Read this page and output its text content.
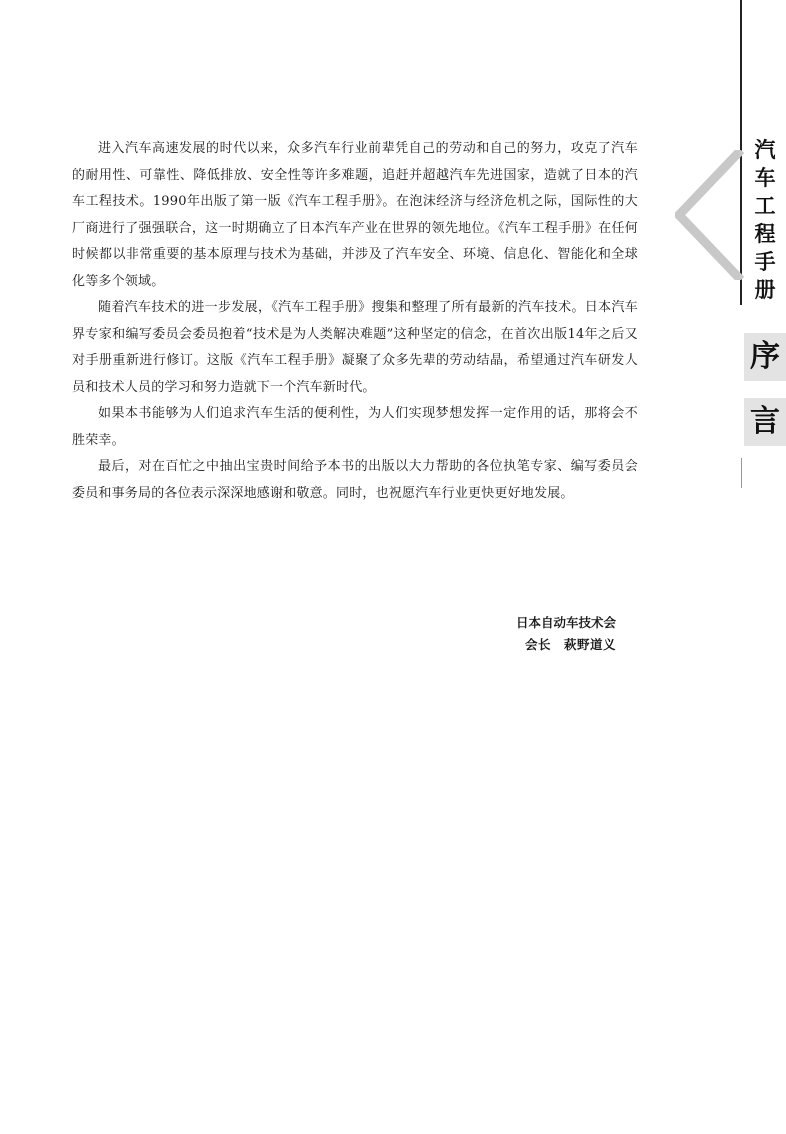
汽
车
工
程
手
册
序
言

进入汽车高速发展的时代以来，众多汽车行业前辈凭自己的劳动和自己的努力，攻克了汽车的耐用性、可靠性、降低排放、安全性等许多难题，追赶并超越汽车先进国家，造就了日本的汽车工程技术。1990年出版了第一版《汽车工程手册》。在泡沫经济与经济危机之际，国际性的大厂商进行了强强联合，这一时期确立了日本汽车产业在世界的领先地位。《汽车工程手册》在任何时候都以非常重要的基本原理与技术为基础，并涉及了汽车安全、环境、信息化、智能化和全球化等多个领域。

随着汽车技术的进一步发展，《汽车工程手册》搜集和整理了所有最新的汽车技术。日本汽车界专家和编写委员会委员抱着“技术是为人类解决难题”这种坚定的信念，在首次出版14年之后又对手册重新进行修订。这版《汽车工程手册》凝聚了众多先辈的劳动结晶，希望通过汽车研发人员和技术人员的学习和努力造就下一个汽车新时代。

如果本书能够为人们追求汽车生活的便利性，为人们实现梦想发挥一定作用的话，那将会不胜荣幸。

最后，对在百忙之中抽出宝贵时间给予本书的出版以大力帮助的各位执笔专家、编写委员会委员和事务局的各位表示深深地感谢和敬意。同时，也祝愿汽车行业更快更好地发展。

日本自动车技术会
会长　萩野道义
